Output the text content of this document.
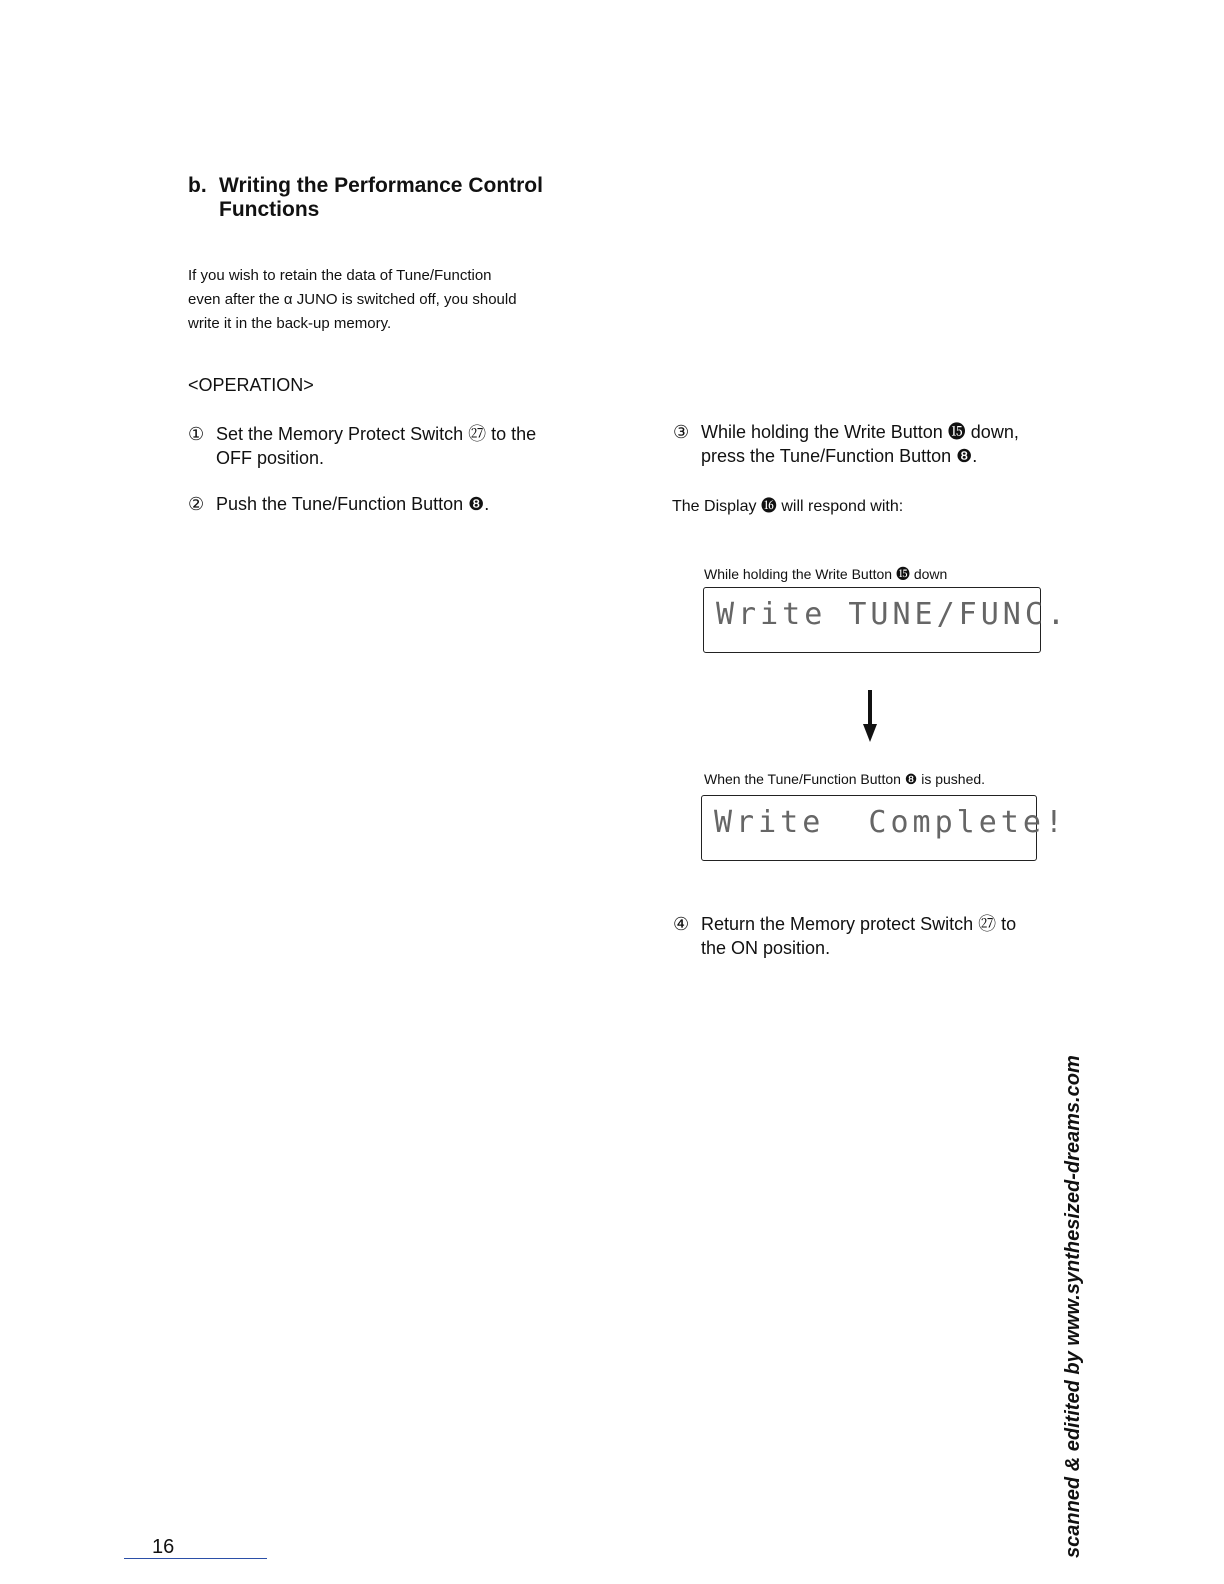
b. Writing the Performance Control
Functions
If you wish to retain the data of Tune/Function
even after the α JUNO is switched off, you should
write it in the back-up memory.
<OPERATION>
① Set the Memory Protect Switch ㉗ to the
OFF position.
② Push the Tune/Function Button ❽.
③ While holding the Write Button ⓯ down,
press the Tune/Function Button ❽.
The Display ⓰ will respond with:
While holding the Write Button ⓯ down
Write TUNE/FUNC.
When the Tune/Function Button ❽ is pushed.
Write  Complete!
④ Return the Memory protect Switch ㉗ to
the ON position.
scanned & editited by www.synthesized-dreams.com
16
